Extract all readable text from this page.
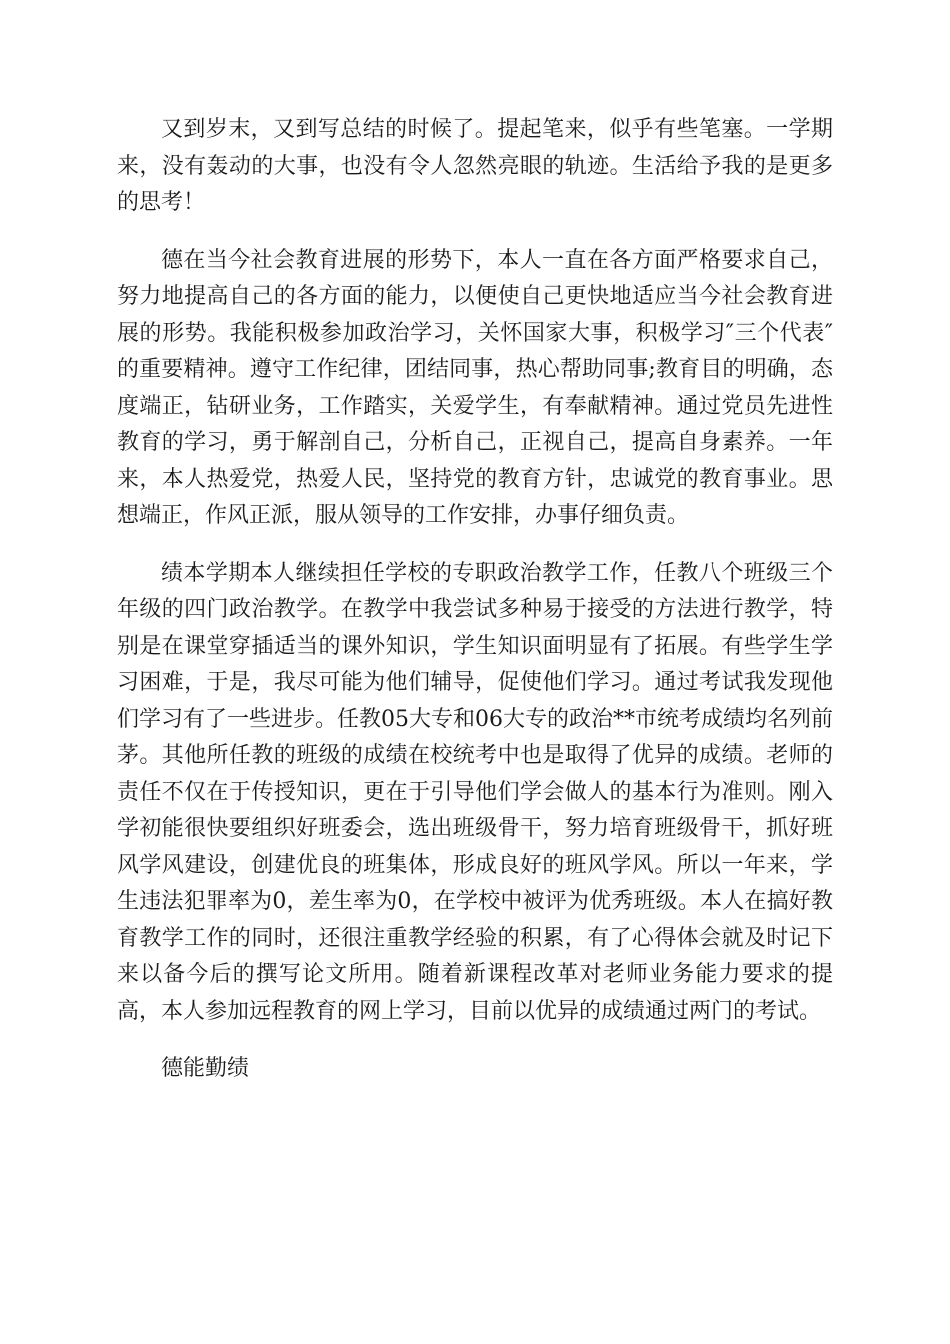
又到岁末，又到写总结的时候了。提起笔来，似乎有些笔塞。一学期来，没有轰动的大事，也没有令人忽然亮眼的轨迹。生活给予我的是更多的思考！

德在当今社会教育进展的形势下，本人一直在各方面严格要求自己，努力地提高自己的各方面的能力，以便使自己更快地适应当今社会教育进展的形势。我能积极参加政治学习，关怀国家大事，积极学习″三个代表″的重要精神。遵守工作纪律，团结同事，热心帮助同事;教育目的明确，态度端正，钻研业务，工作踏实，关爱学生，有奉献精神。通过党员先进性教育的学习，勇于解剖自己，分析自己，正视自己，提高自身素养。一年来，本人热爱党，热爱人民，坚持党的教育方针，忠诚党的教育事业。思想端正，作风正派，服从领导的工作安排，办事仔细负责。

绩本学期本人继续担任学校的专职政治教学工作，任教八个班级三个年级的四门政治教学。在教学中我尝试多种易于接受的方法进行教学，特别是在课堂穿插适当的课外知识，学生知识面明显有了拓展。有些学生学习困难，于是，我尽可能为他们辅导，促使他们学习。通过考试我发现他们学习有了一些进步。任教05大专和06大专的政治**市统考成绩均名列前茅。其他所任教的班级的成绩在校统考中也是取得了优异的成绩。老师的责任不仅在于传授知识，更在于引导他们学会做人的基本行为准则。刚入学初能很快要组织好班委会，选出班级骨干，努力培育班级骨干，抓好班风学风建设，创建优良的班集体，形成良好的班风学风。所以一年来，学生违法犯罪率为0，差生率为0，在学校中被评为优秀班级。本人在搞好教育教学工作的同时，还很注重教学经验的积累，有了心得体会就及时记下来以备今后的撰写论文所用。随着新课程改革对老师业务能力要求的提高，本人参加远程教育的网上学习，目前以优异的成绩通过两门的考试。

德能勤绩
